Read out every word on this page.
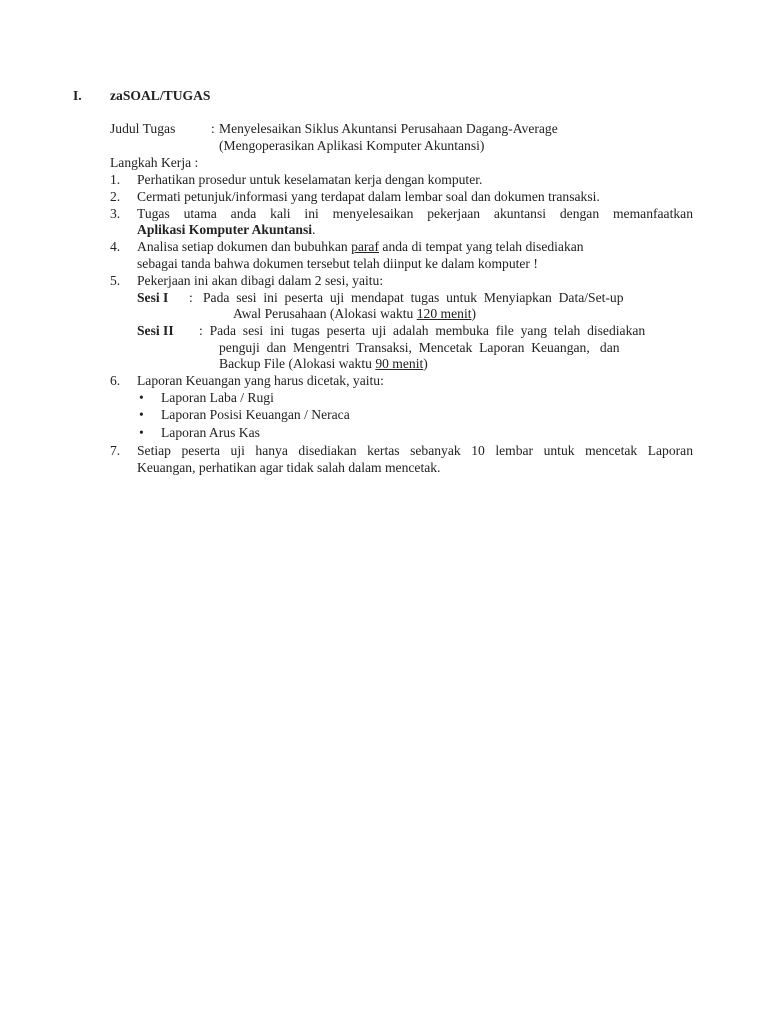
I. zaSOAL/TUGAS
Judul Tugas	: Menyelesaikan Siklus Akuntansi Perusahaan Dagang-Average
(Mengoperasikan Aplikasi Komputer Akuntansi)
Langkah Kerja :
1. Perhatikan prosedur untuk keselamatan kerja dengan komputer.
2. Cermati petunjuk/informasi yang terdapat dalam lembar soal dan dokumen transaksi.
3. Tugas utama anda kali ini menyelesaikan pekerjaan akuntansi dengan memanfaatkan
Aplikasi Komputer Akuntansi.
4. Analisa setiap dokumen dan bubuhkan paraf anda di tempat yang telah disediakan
sebagai tanda bahwa dokumen tersebut telah diinput ke dalam komputer !
5. Pekerjaan ini akan dibagi dalam 2 sesi, yaitu:
Sesi I :   Pada  sesi  ini  peserta  uji  mendapat  tugas  untuk  Menyiapkan  Data/Set-up
Awal Perusahaan (Alokasi waktu 120 menit)
Sesi II :  Pada  sesi  ini  tugas  peserta  uji  adalah  membuka  file  yang  telah  disediakan
penguji  dan  Mengentri  Transaksi,  Mencetak  Laporan  Keuangan,   dan
Backup File (Alokasi waktu 90 menit)
6. Laporan Keuangan yang harus dicetak, yaitu:
• Laporan Laba / Rugi
• Laporan Posisi Keuangan / Neraca
• Laporan Arus Kas
7. Setiap peserta uji hanya disediakan kertas sebanyak 10 lembar untuk mencetak Laporan
Keuangan, perhatikan agar tidak salah dalam mencetak.
